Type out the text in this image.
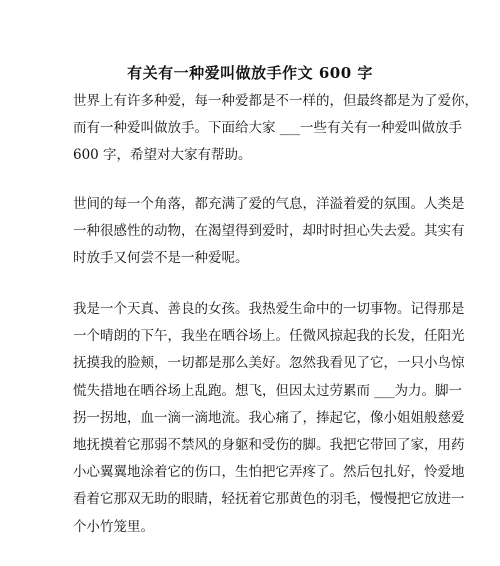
有关有一种爱叫做放手作文 600 字

世界上有许多种爱，每一种爱都是不一样的，但最终都是为了爱你，
而有一种爱叫做放手。下面给大家 ___一些有关有一种爱叫做放手
600 字，希望对大家有帮助。

世间的每一个角落，都充满了爱的气息，洋溢着爱的氛围。人类是
一种很感性的动物，在渴望得到爱时，却时时担心失去爱。其实有
时放手又何尝不是一种爱呢。

我是一个天真、善良的女孩。我热爱生命中的一切事物。记得那是
一个晴朗的下午，我坐在晒谷场上。任微风掠起我的长发，任阳光
抚摸我的脸颊，一切都是那么美好。忽然我看见了它，一只小鸟惊
慌失措地在晒谷场上乱跑。想飞，但因太过劳累而 ___为力。脚一
拐一拐地，血一滴一滴地流。我心痛了，捧起它，像小姐姐般慈爱
地抚摸着它那弱不禁风的身躯和受伤的脚。我把它带回了家，用药
小心翼翼地涂着它的伤口，生怕把它弄疼了。然后包扎好，怜爱地
看着它那双无助的眼睛，轻抚着它那黄色的羽毛，慢慢把它放进一
个小竹笼里。
